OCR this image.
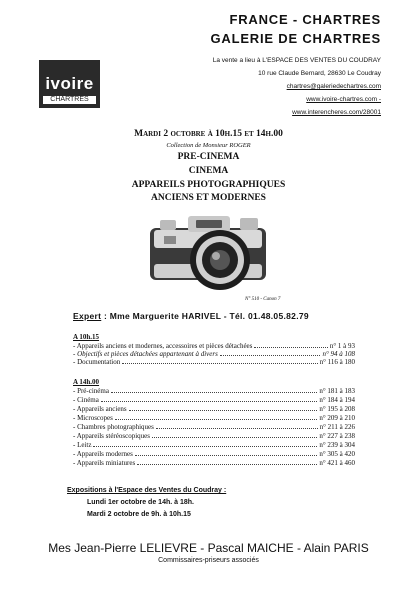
ivoire
CHARTRES
FRANCE - CHARTRES
GALERIE DE CHARTRES
La vente a lieu à L'ESPACE DES VENTES DU COUDRAY
10 rue Claude Bernard, 28630 Le Coudray
chartres@galeriedechartres.com
www.ivoire-chartres.com -
www.interencheres.com/28001
Mardi 2 octobre à 10h.15 et 14h.00
Collection de Monsieur ROGER
PRE-CINEMA
CINEMA
APPAREILS PHOTOGRAPHIQUES
ANCIENS ET MODERNES
N° 510 - Canon 7
Expert : Mme Marguerite HARIVEL - Tél. 01.48.05.82.79
A 10h.15
- Appareils anciens et modernes, accessoires et pièces détachées	n° 1 à 93
- Objectifs et pièces détachées appartenant à divers	n° 94 à 108
- Documentation	n° 116 à 180
A 14h.00
- Pré-cinéma	n° 181 à 183
- Cinéma	n° 184 à 194
- Appareils anciens	n° 195 à 208
- Microscopes	n° 209 à 210
- Chambres photographiques	n° 211 à 226
- Appareils stéréoscopiques	n° 227 à 238
- Leitz	n° 239 à 304
- Appareils modernes	n° 305 à 420
- Appareils miniatures	n° 421 à 460
Expositions à l'Espace des Ventes du Coudray :
Lundi 1er octobre de 14h. à 18h.
Mardi 2 octobre de 9h. à 10h.15
Mes Jean-Pierre LELIEVRE - Pascal MAICHE - Alain PARIS
Commissaires-priseurs associés
